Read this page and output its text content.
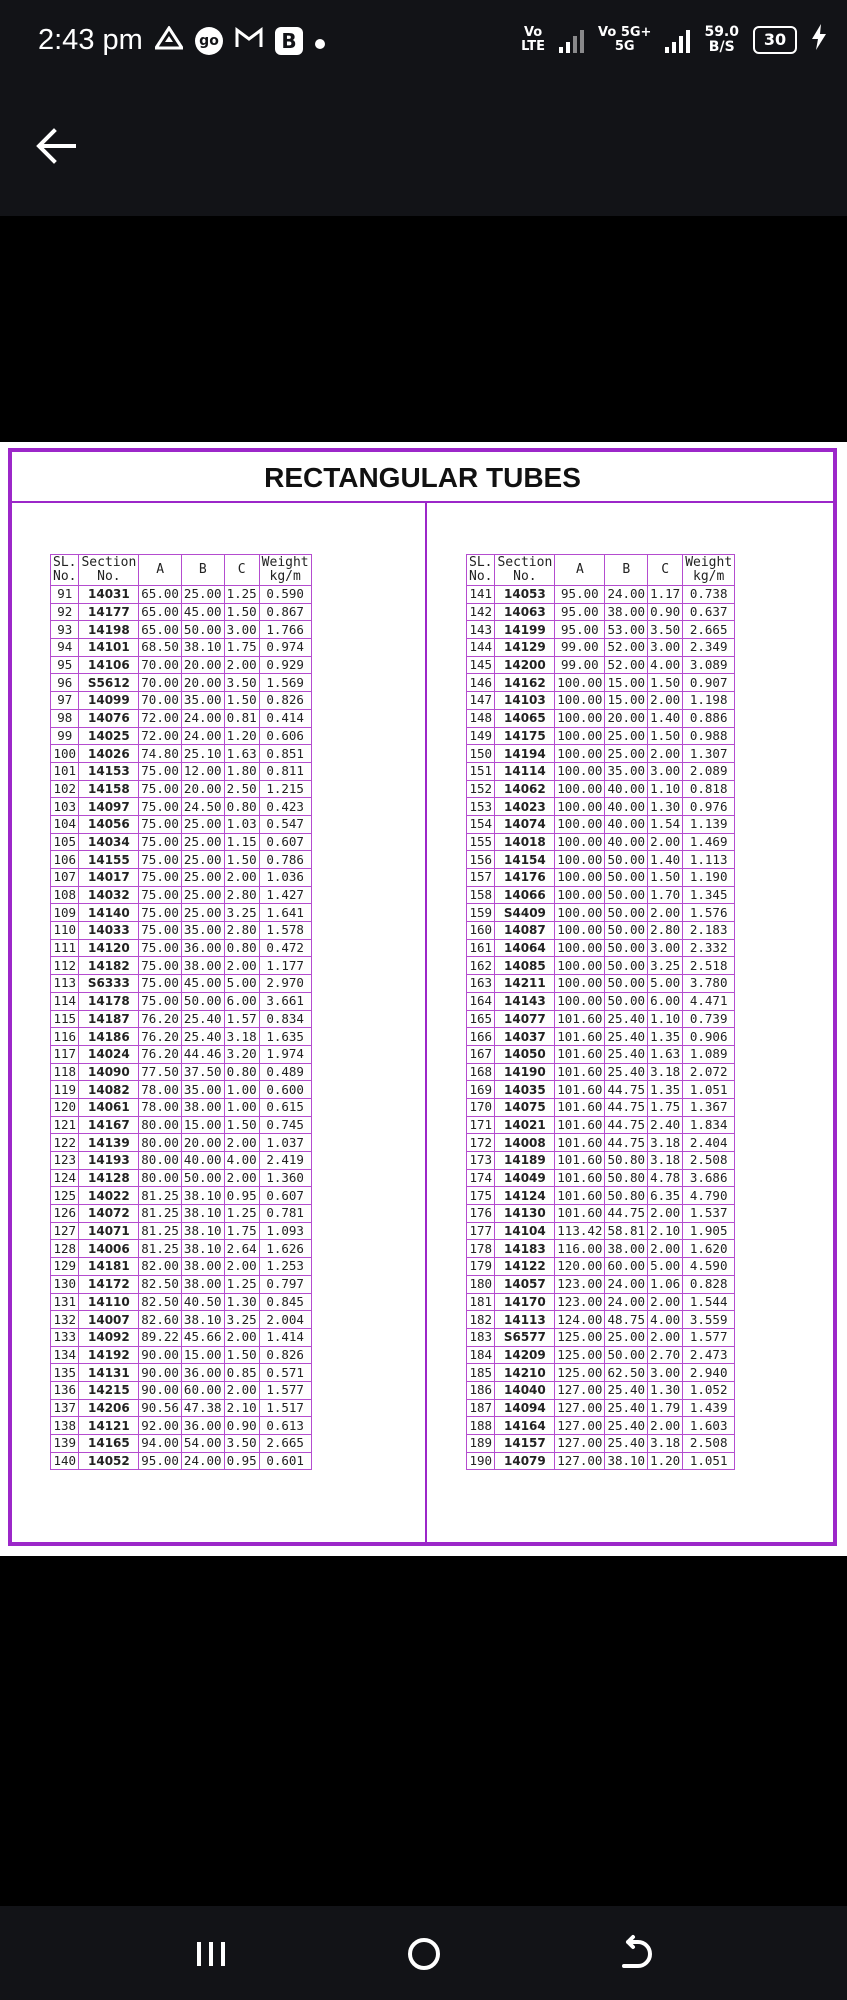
2:43 pm	go	B	Vo
LTE
Vo 5G+
5G
59.0
B/S	30
RECTANGULAR TUBES
SL.
No.	Section
No.	A	B	C	Weight
kg/m
91	14031	65.00	25.00	1.25	0.590
92	14177	65.00	45.00	1.50	0.867
93	14198	65.00	50.00	3.00	1.766
94	14101	68.50	38.10	1.75	0.974
95	14106	70.00	20.00	2.00	0.929
96	S5612	70.00	20.00	3.50	1.569
97	14099	70.00	35.00	1.50	0.826
98	14076	72.00	24.00	0.81	0.414
99	14025	72.00	24.00	1.20	0.606
100	14026	74.80	25.10	1.63	0.851
101	14153	75.00	12.00	1.80	0.811
102	14158	75.00	20.00	2.50	1.215
103	14097	75.00	24.50	0.80	0.423
104	14056	75.00	25.00	1.03	0.547
105	14034	75.00	25.00	1.15	0.607
106	14155	75.00	25.00	1.50	0.786
107	14017	75.00	25.00	2.00	1.036
108	14032	75.00	25.00	2.80	1.427
109	14140	75.00	25.00	3.25	1.641
110	14033	75.00	35.00	2.80	1.578
111	14120	75.00	36.00	0.80	0.472
112	14182	75.00	38.00	2.00	1.177
113	S6333	75.00	45.00	5.00	2.970
114	14178	75.00	50.00	6.00	3.661
115	14187	76.20	25.40	1.57	0.834
116	14186	76.20	25.40	3.18	1.635
117	14024	76.20	44.46	3.20	1.974
118	14090	77.50	37.50	0.80	0.489
119	14082	78.00	35.00	1.00	0.600
120	14061	78.00	38.00	1.00	0.615
121	14167	80.00	15.00	1.50	0.745
122	14139	80.00	20.00	2.00	1.037
123	14193	80.00	40.00	4.00	2.419
124	14128	80.00	50.00	2.00	1.360
125	14022	81.25	38.10	0.95	0.607
126	14072	81.25	38.10	1.25	0.781
127	14071	81.25	38.10	1.75	1.093
128	14006	81.25	38.10	2.64	1.626
129	14181	82.00	38.00	2.00	1.253
130	14172	82.50	38.00	1.25	0.797
131	14110	82.50	40.50	1.30	0.845
132	14007	82.60	38.10	3.25	2.004
133	14092	89.22	45.66	2.00	1.414
134	14192	90.00	15.00	1.50	0.826
135	14131	90.00	36.00	0.85	0.571
136	14215	90.00	60.00	2.00	1.577
137	14206	90.56	47.38	2.10	1.517
138	14121	92.00	36.00	0.90	0.613
139	14165	94.00	54.00	3.50	2.665
140	14052	95.00	24.00	0.95	0.601
SL.
No.	Section
No.	A	B	C	Weight
kg/m
141	14053	95.00	24.00	1.17	0.738
142	14063	95.00	38.00	0.90	0.637
143	14199	95.00	53.00	3.50	2.665
144	14129	99.00	52.00	3.00	2.349
145	14200	99.00	52.00	4.00	3.089
146	14162	100.00	15.00	1.50	0.907
147	14103	100.00	15.00	2.00	1.198
148	14065	100.00	20.00	1.40	0.886
149	14175	100.00	25.00	1.50	0.988
150	14194	100.00	25.00	2.00	1.307
151	14114	100.00	35.00	3.00	2.089
152	14062	100.00	40.00	1.10	0.818
153	14023	100.00	40.00	1.30	0.976
154	14074	100.00	40.00	1.54	1.139
155	14018	100.00	40.00	2.00	1.469
156	14154	100.00	50.00	1.40	1.113
157	14176	100.00	50.00	1.50	1.190
158	14066	100.00	50.00	1.70	1.345
159	S4409	100.00	50.00	2.00	1.576
160	14087	100.00	50.00	2.80	2.183
161	14064	100.00	50.00	3.00	2.332
162	14085	100.00	50.00	3.25	2.518
163	14211	100.00	50.00	5.00	3.780
164	14143	100.00	50.00	6.00	4.471
165	14077	101.60	25.40	1.10	0.739
166	14037	101.60	25.40	1.35	0.906
167	14050	101.60	25.40	1.63	1.089
168	14190	101.60	25.40	3.18	2.072
169	14035	101.60	44.75	1.35	1.051
170	14075	101.60	44.75	1.75	1.367
171	14021	101.60	44.75	2.40	1.834
172	14008	101.60	44.75	3.18	2.404
173	14189	101.60	50.80	3.18	2.508
174	14049	101.60	50.80	4.78	3.686
175	14124	101.60	50.80	6.35	4.790
176	14130	101.60	44.75	2.00	1.537
177	14104	113.42	58.81	2.10	1.905
178	14183	116.00	38.00	2.00	1.620
179	14122	120.00	60.00	5.00	4.590
180	14057	123.00	24.00	1.06	0.828
181	14170	123.00	24.00	2.00	1.544
182	14113	124.00	48.75	4.00	3.559
183	S6577	125.00	25.00	2.00	1.577
184	14209	125.00	50.00	2.70	2.473
185	14210	125.00	62.50	3.00	2.940
186	14040	127.00	25.40	1.30	1.052
187	14094	127.00	25.40	1.79	1.439
188	14164	127.00	25.40	2.00	1.603
189	14157	127.00	25.40	3.18	2.508
190	14079	127.00	38.10	1.20	1.051
